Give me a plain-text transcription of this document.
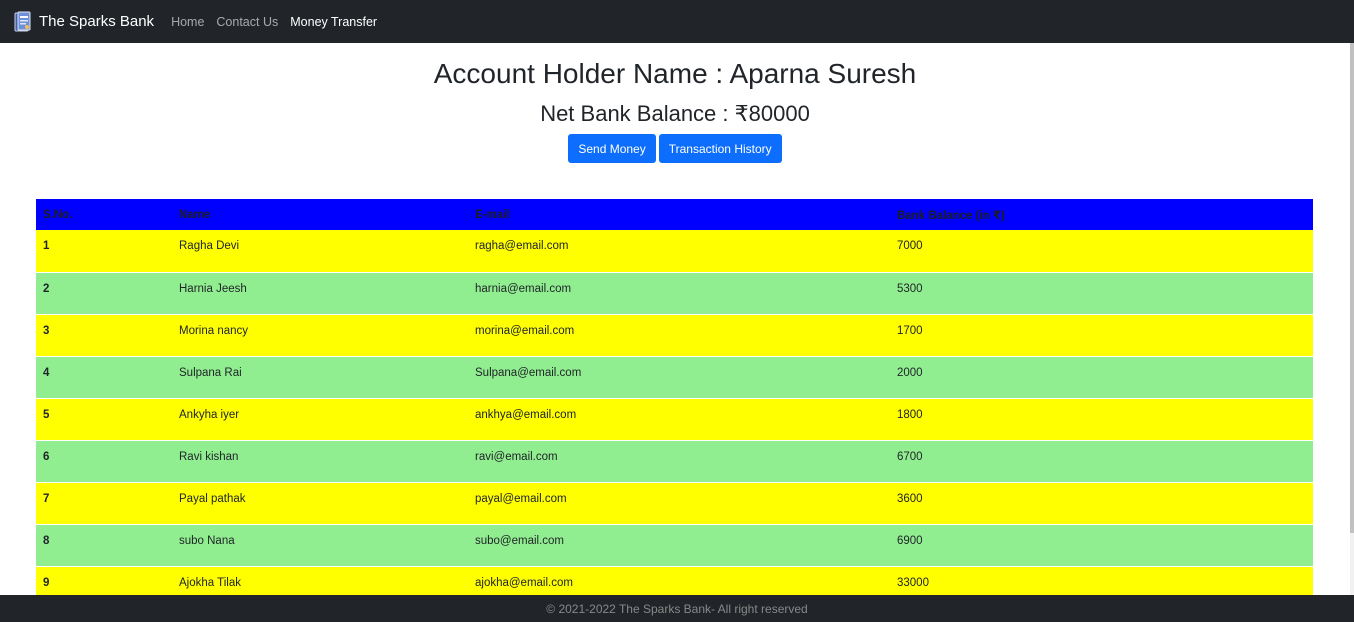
The Sparks Bank Home Contact Us Money Transfer
Account Holder Name : Aparna Suresh
Net Bank Balance : ₹80000
Send Money	Transaction History
S.No.	Name	E-mail	Bank Balance (in ₹)
1	Ragha Devi	ragha@email.com	7000
2	Harnia Jeesh	harnia@email.com	5300
3	Morina nancy	morina@email.com	1700
4	Sulpana Rai	Sulpana@email.com	2000
5	Ankyha iyer	ankhya@email.com	1800
6	Ravi kishan	ravi@email.com	6700
7	Payal pathak	payal@email.com	3600
8	subo Nana	subo@email.com	6900
9	Ajokha Tilak	ajokha@email.com	33000
© 2021-2022 The Sparks Bank- All right reserved
